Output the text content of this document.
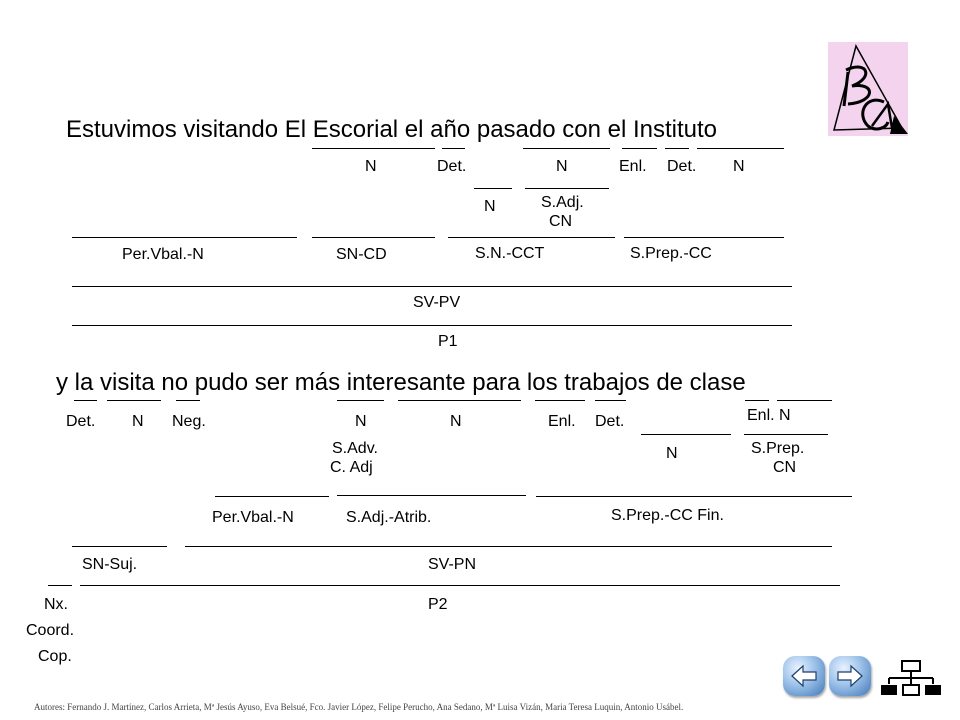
Estuvimos visitando El Escorial el año pasado con el Instituto
N	Det.	N	Enl. Det. N
N	S.Adj.
CN
Per.Vbal.-N	SN-CD	S.N.-CCT	S.Prep.-CC
SV-PV
P1
y la visita no pudo ser más interesante para los trabajos de clase
Det. N Neg.	N	N	Enl. Det.	Enl. N
S.Adv.
C. Adj
N	S.Prep.
CN
Per.Vbal.-N	S.Adj.-Atrib.	S.Prep.-CC Fin.
SN-Suj.	SV-PN
Nx.
Coord.
Cop.
P2
Autores: Fernando J. Martínez, Carlos Arrieta, Mª Jesús Ayuso, Eva Belsué, Fco. Javier López, Felipe Perucho, Ana Sedano, Mª Luisa Vizán, Maria Teresa Luquin, Antonio Usábel.
